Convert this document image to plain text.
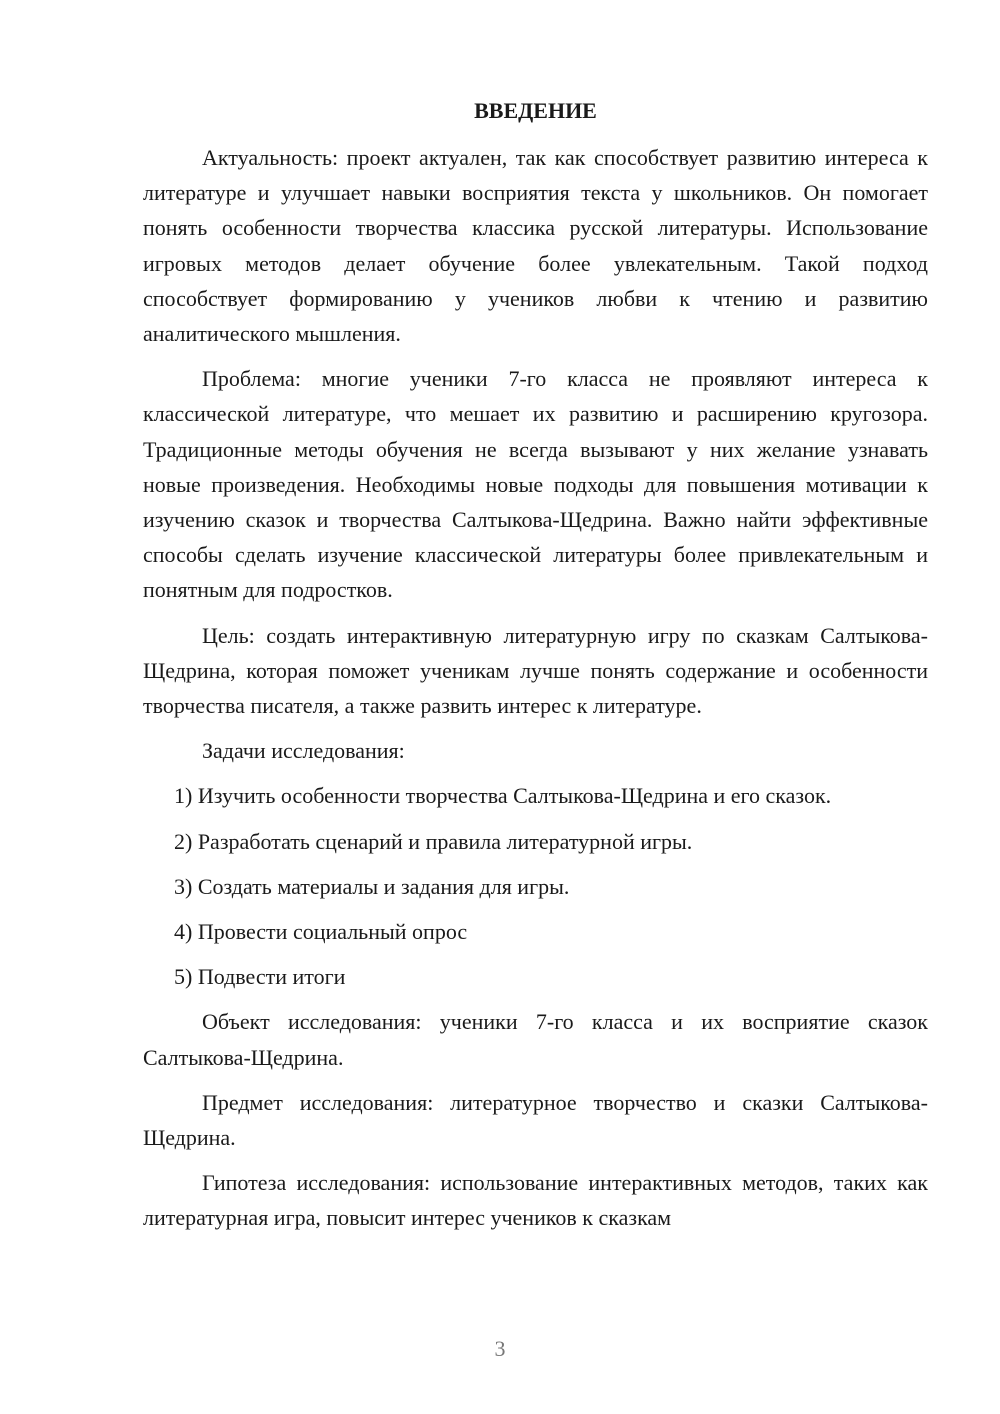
ВВЕДЕНИЕ

Актуальность: проект актуален, так как способствует развитию интереса к литературе и улучшает навыки восприятия текста у школьников. Он помогает понять особенности творчества классика русской литературы. Использование игровых методов делает обучение более увлекательным. Такой подход способствует формированию у учеников любви к чтению и развитию аналитического мышления.

Проблема: многие ученики 7-го класса не проявляют интереса к классической литературе, что мешает их развитию и расширению кругозора. Традиционные методы обучения не всегда вызывают у них желание узнавать новые произведения. Необходимы новые подходы для повышения мотивации к изучению сказок и творчества Салтыкова-Щедрина. Важно найти эффективные способы сделать изучение классической литературы более привлекательным и понятным для подростков.

Цель: создать интерактивную литературную игру по сказкам Салтыкова-Щедрина, которая поможет ученикам лучше понять содержание и особенности творчества писателя, а также развить интерес к литературе.

Задачи исследования:

1) Изучить особенности творчества Салтыкова-Щедрина и его сказок.
2) Разработать сценарий и правила литературной игры.
3) Создать материалы и задания для игры.
4) Провести социальный опрос
5) Подвести итоги

Объект исследования: ученики 7-го класса и их восприятие сказок Салтыкова-Щедрина.

Предмет исследования: литературное творчество и сказки Салтыкова-Щедрина.

Гипотеза исследования: использование интерактивных методов, таких как литературная игра, повысит интерес учеников к сказкам

3
